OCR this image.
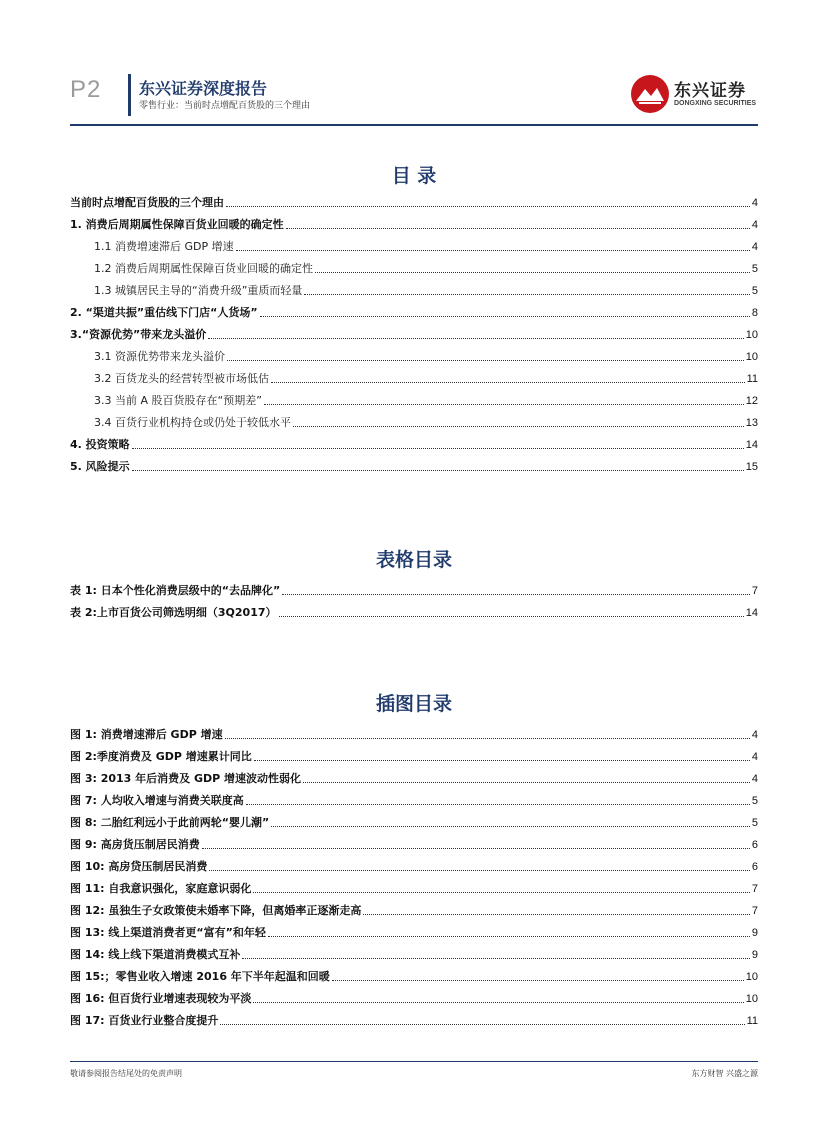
P2 东兴证券深度报告
零售行业：当前时点增配百货股的三个理由
东兴证券
DONGXING SECURITIES
目 录
当前时点增配百货股的三个理由	4
1. 消费后周期属性保障百货业回暖的确定性	4
1.1 消费增速滞后 GDP 增速	4
1.2 消费后周期属性保障百货业回暖的确定性	5
1.3 城镇居民主导的“消费升级”重质而轻量	5
2. “渠道共振”重估线下门店“人货场”	8
3.“资源优势”带来龙头溢价	10
3.1 资源优势带来龙头溢价	10
3.2 百货龙头的经营转型被市场低估	11
3.3 当前 A 股百货股存在“预期差”	12
3.4 百货行业机构持仓或仍处于较低水平	13
4. 投资策略	14
5. 风险提示	15
表格目录
表 1: 日本个性化消费层级中的“去品牌化”	7
表 2:上市百货公司筛选明细（3Q2017）	14
插图目录
图 1: 消费增速滞后 GDP 增速	4
图 2:季度消费及 GDP 增速累计同比	4
图 3: 2013 年后消费及 GDP 增速波动性弱化	4
图 7: 人均收入增速与消费关联度高	5
图 8: 二胎红利远小于此前两轮“婴儿潮”	5
图 9: 高房货压制居民消费	6
图 10: 高房贷压制居民消费	6
图 11: 自我意识强化，家庭意识弱化	7
图 12: 虽独生子女政策使未婚率下降，但离婚率正逐渐走高	7
图 13: 线上渠道消费者更“富有”和年轻	9
图 14: 线上线下渠道消费模式互补	9
图 15:；零售业收入增速 2016 年下半年起温和回暖	10
图 16: 但百货行业增速表现较为平淡	10
图 17: 百货业行业整合度提升	11
敬请参阅报告结尾处的免责声明	东方财智 兴盛之源
